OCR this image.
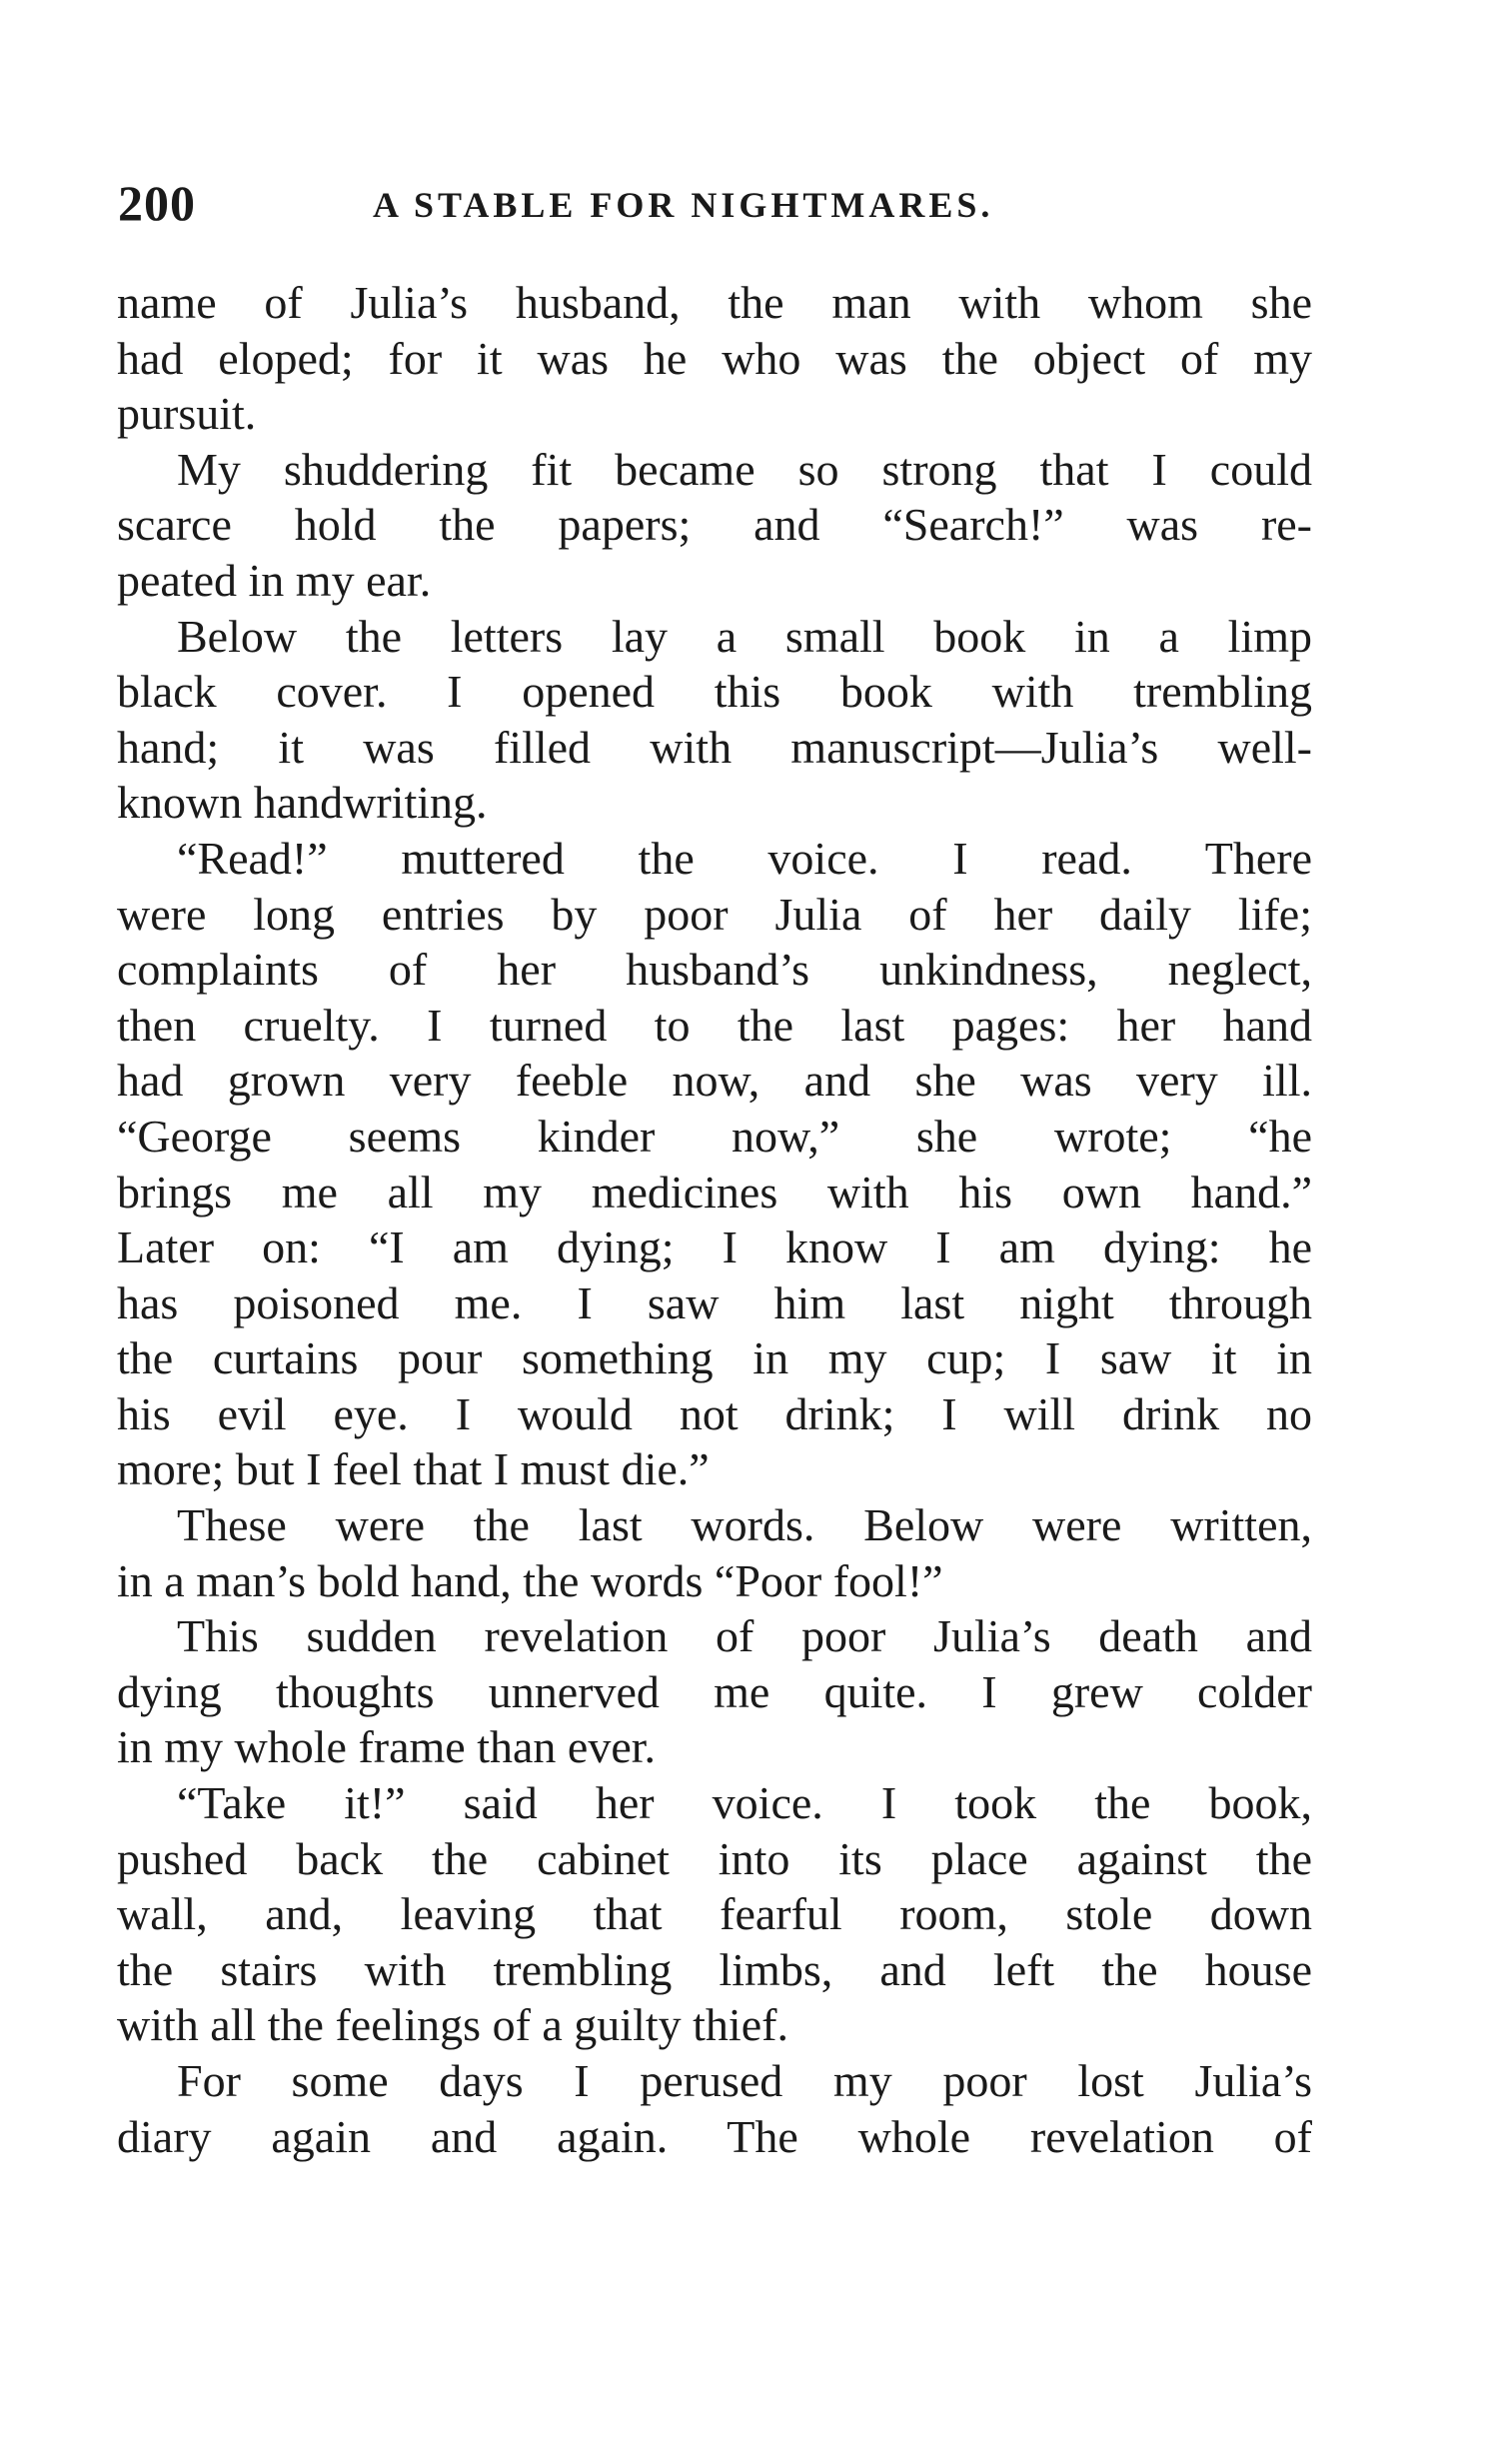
200	A STABLE FOR NIGHTMARES.
name of Julia’s husband, the man with whom she
had eloped; for it was he who was the object of my
pursuit.
My shuddering fit became so strong that I could
scarce hold the papers; and “Search!” was re-
peated in my ear.
Below the letters lay a small book in a limp
black cover. I opened this book with trembling
hand; it was filled with manuscript—Julia’s well-
known handwriting.
“Read!” muttered the voice. I read. There
were long entries by poor Julia of her daily life;
complaints of her husband’s unkindness, neglect,
then cruelty. I turned to the last pages: her hand
had grown very feeble now, and she was very ill.
“George seems kinder now,” she wrote; “he
brings me all my medicines with his own hand.”
Later on: “I am dying; I know I am dying: he
has poisoned me. I saw him last night through
the curtains pour something in my cup; I saw it in
his evil eye. I would not drink; I will drink no
more; but I feel that I must die.”
These were the last words. Below were written,
in a man’s bold hand, the words “Poor fool!”
This sudden revelation of poor Julia’s death and
dying thoughts unnerved me quite. I grew colder
in my whole frame than ever.
“Take it!” said her voice. I took the book,
pushed back the cabinet into its place against the
wall, and, leaving that fearful room, stole down
the stairs with trembling limbs, and left the house
with all the feelings of a guilty thief.
For some days I perused my poor lost Julia’s
diary again and again. The whole revelation of
